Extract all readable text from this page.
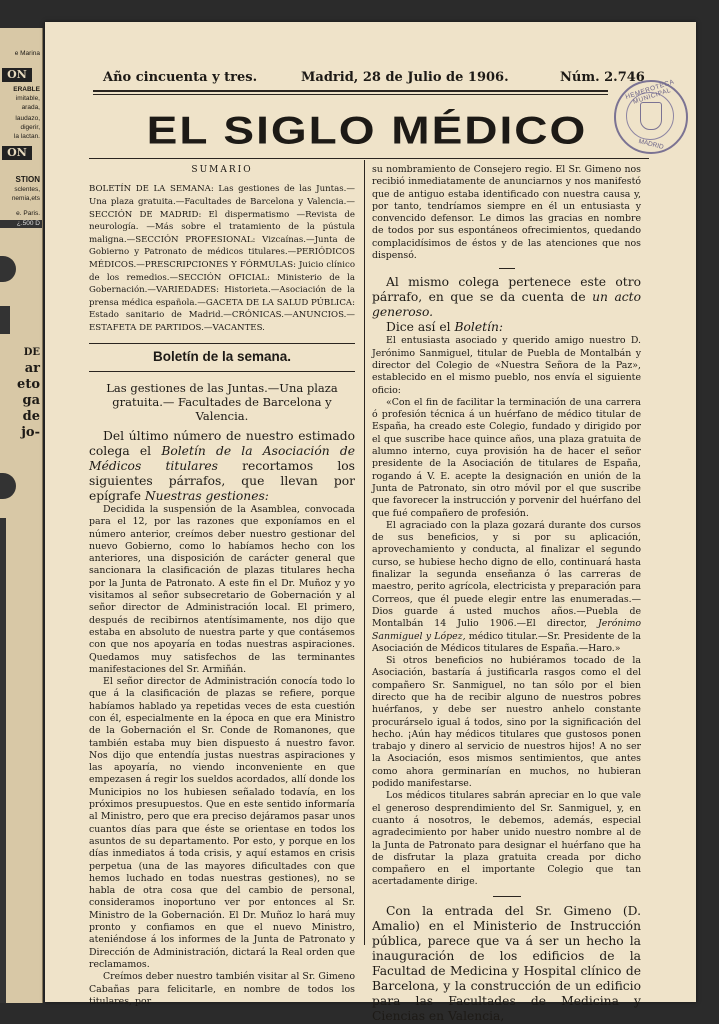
e Marina
ON
ERABLE
imitable,
arada,
laudazo,
digerir,
la lactan.
ON
STION
sclentes,
nemia,ets
e. Paris.
¿.500 D
DE
ar
eto
ga
de
jo-
Año cincuenta y tres.	Madrid, 28 de Julio de 1906.	Núm. 2.746
EL SIGLO MÉDICO
HEMEROTECA MUNICIPAL
MADRID
SUMARIO

BOLETÍN DE LA SEMANA: Las gestiones de las Juntas.—Una plaza gratuita.—Facultades de Barcelona y Valencia.—SECCIÓN DE MADRID: El dispermatismo —Revista de neurología. —Más sobre el tratamiento de la pústula maligna.—SECCIÓN PROFESIONAL: Vizcaínas.—Junta de Gobierno y Patronato de médicos titulares.—PERIÓDICOS MÉDICOS.—PRESCRIPCIONES Y FÓRMULAS: Juicio clínico de los remedios.—SECCIÓN OFICIAL: Ministerio de la Gobernación.—VARIEDADES: Historieta.—Asociación de la prensa médica española.—GACETA DE LA SALUD PÚBLICA: Estado sanitario de Madrid.—CRÓNICAS.—ANUNCIOS.—ESTAFETA DE PARTIDOS.—VACANTES.

Boletín de la semana.
Las gestiones de las Juntas.—Una plaza gratuita.— Facultades de Barcelona y Valencia.

Del último número de nuestro estimado colega el Boletín de la Asociación de Médicos titulares recortamos los siguientes párrafos, que llevan por epígrafe Nuestras gestiones:

Decidida la suspensión de la Asamblea, convocada para el 12, por las razones que exponíamos en el número anterior, creímos deber nuestro gestionar del nuevo Gobierno, como lo habíamos hecho con los anteriores, una disposición de carácter general que sancionara la clasificación de plazas titulares hecha por la Junta de Patronato. A este fin el Dr. Muñoz y yo visitamos al señor subsecretario de Gobernación y al señor director de Administración local. El primero, después de recibirnos atentísimamente, nos dijo que estaba en absoluto de nuestra parte y que contásemos con que nos apoyaría en todas nuestras aspiraciones. Quedamos muy satisfechos de las terminantes manifestaciones del Sr. Armiñán.

El señor director de Administración conocía todo lo que á la clasificación de plazas se refiere, porque habíamos hablado ya repetidas veces de esta cuestión con él, especialmente en la época en que era Ministro de la Gobernación el Sr. Conde de Romanones, que también estaba muy bien dispuesto á nuestro favor. Nos dijo que entendía justas nuestras aspiraciones y las apoyaría, no viendo inconveniente en que empezasen á regir los sueldos acordados, allí donde los Municipios no los hubiesen señalado todavía, en los próximos presupuestos. Que en este sentido informaría al Ministro, pero que era preciso dejáramos pasar unos cuantos días para que éste se orientase en todos los asuntos de su departamento. Por esto, y porque en los días inmediatos á toda crisis, y aquí estamos en crisis perpetua (una de las mayores dificultades con que hemos luchado en todas nuestras gestiones), no se habla de otra cosa que del cambio de personal, consideramos inoportuno ver por entonces al Sr. Ministro de la Gobernación. El Dr. Muñoz lo hará muy pronto y confiamos en que el nuevo Ministro, ateniéndose á los informes de la Junta de Patronato y Dirección de Administración, dictará la Real orden que reclamamos.

Creímos deber nuestro también visitar al Sr. Gimeno Cabañas para felicitarle, en nombre de todos los titulares, por

su nombramiento de Consejero regio. El Sr. Gimeno nos recibió inmediatamente de anunciarnos y nos manifestó que de antiguo estaba identificado con nuestra causa y, por tanto, tendríamos siempre en él un entusiasta y convencido defensor. Le dimos las gracias en nombre de todos por sus espontáneos ofrecimientos, quedando complacidísimos de éstos y de las atenciones que nos dispensó.

Al mismo colega pertenece este otro párrafo, en que se da cuenta de un acto generoso.

Dice así el Boletín:

El entusiasta asociado y querido amigo nuestro D. Jerónimo Sanmiguel, titular de Puebla de Montalbán y director del Colegio de «Nuestra Señora de la Paz», establecido en el mismo pueblo, nos envía el siguiente oficio:

«Con el fin de facilitar la terminación de una carrera ó profesión técnica á un huérfano de médico titular de España, ha creado este Colegio, fundado y dirigido por el que suscribe hace quince años, una plaza gratuita de alumno interno, cuya provisión ha de hacer el señor presidente de la Asociación de titulares de España, rogando á V. E. acepte la designación en unión de la Junta de Patronato, sin otro móvil por el que suscribe que favorecer la instrucción y porvenir del huérfano del que fué compañero de profesión.

El agraciado con la plaza gozará durante dos cursos de sus beneficios, y si por su aplicación, aprovechamiento y conducta, al finalizar el segundo curso, se hubiese hecho digno de ello, continuará hasta finalizar la segunda enseñanza ó las carreras de maestro, perito agrícola, electricista y preparación para Correos, que él puede elegir entre las enumeradas.—Dios guarde á usted muchos años.—Puebla de Montalbán 14 Julio 1906.—El director, Jerónimo Sanmiguel y López, médico titular.—Sr. Presidente de la Asociación de Médicos titulares de España.—Haro.»

Si otros beneficios no hubiéramos tocado de la Asociación, bastaría á justificarla rasgos como el del compañero Sr. Sanmiguel, no tan sólo por el bien directo que ha de recibir alguno de nuestros pobres huérfanos, y debe ser nuestro anhelo constante procurárselo igual á todos, sino por la significación del hecho. ¡Aún hay médicos titulares que gustosos ponen trabajo y dinero al servicio de nuestros hijos! A no ser la Asociación, esos mismos sentimientos, que antes como ahora germinarían en muchos, no hubieran podido manifestarse.

Los médicos titulares sabrán apreciar en lo que vale el generoso desprendimiento del Sr. Sanmiguel, y, en cuanto á nosotros, le debemos, además, especial agradecimiento por haber unido nuestro nombre al de la Junta de Patronato para designar el huérfano que ha de disfrutar la plaza gratuita creada por dicho compañero en el importante Colegio que tan acertadamente dirige.

Con la entrada del Sr. Gimeno (D. Amalio) en el Ministerio de Instrucción pública, parece que va á ser un hecho la inauguración de los edificios de la Facultad de Medicina y Hospital clínico de Barcelona, y la construcción de un edificio para las Facultades de Medicina y Ciencias en Valencia,
